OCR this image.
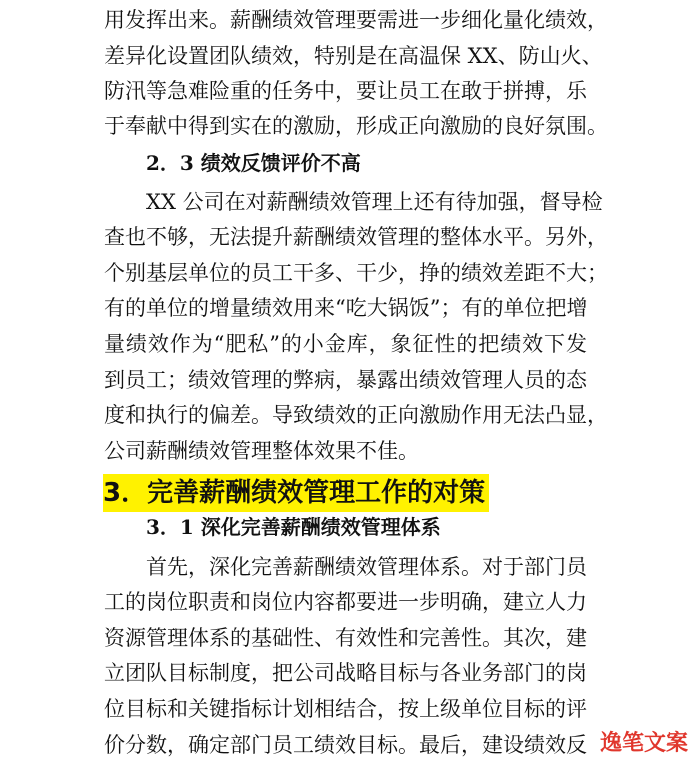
用发挥出来。薪酬绩效管理要需进一步细化量化绩效，
差异化设置团队绩效，特别是在高温保 XX、防山火、
防汛等急难险重的任务中，要让员工在敢于拼搏，乐
于奉献中得到实在的激励，形成正向激励的良好氛围。
2．3 绩效反馈评价不高
XX 公司在对薪酬绩效管理上还有待加强，督导检
查也不够，无法提升薪酬绩效管理的整体水平。另外，
个别基层单位的员工干多、干少，挣的绩效差距不大；
有的单位的增量绩效用来“吃大锅饭”；有的单位把增
量绩效作为“肥私”的小金库，象征性的把绩效下发
到员工；绩效管理的弊病，暴露出绩效管理人员的态
度和执行的偏差。导致绩效的正向激励作用无法凸显，
公司薪酬绩效管理整体效果不佳。
3．完善薪酬绩效管理工作的对策
3．1 深化完善薪酬绩效管理体系
首先，深化完善薪酬绩效管理体系。对于部门员
工的岗位职责和岗位内容都要进一步明确，建立人力
资源管理体系的基础性、有效性和完善性。其次，建
立团队目标制度，把公司战略目标与各业务部门的岗
位目标和关键指标计划相结合，按上级单位目标的评
价分数，确定部门员工绩效目标。最后，建设绩效反 逸笔文案
